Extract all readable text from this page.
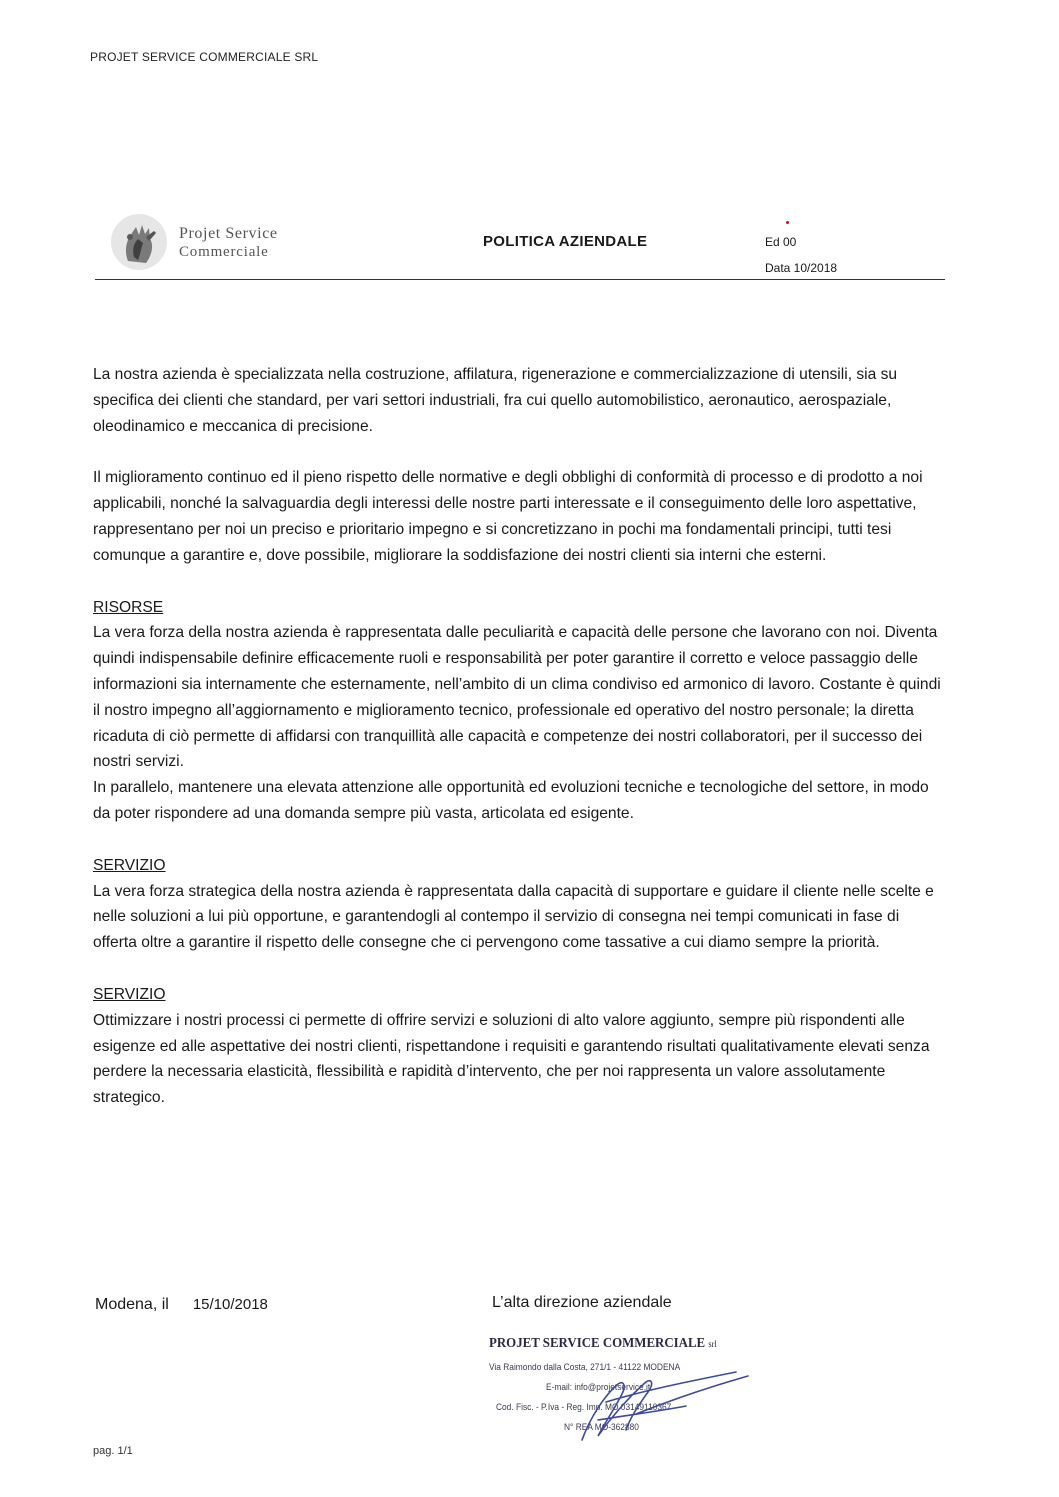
PROJET SERVICE COMMERCIALE SRL
Projet Service
Commerciale
POLITICA AZIENDALE	Ed 00
Data 10/2018

La nostra azienda è specializzata nella costruzione, affilatura, rigenerazione e commercializzazione di utensili, sia su specifica dei clienti che standard, per vari settori industriali, fra cui quello automobilistico, aeronautico, aerospaziale, oleodinamico e meccanica di precisione.

Il miglioramento continuo ed il pieno rispetto delle normative e degli obblighi di conformità di processo e di prodotto a noi applicabili, nonché la salvaguardia degli interessi delle nostre parti interessate e il conseguimento delle loro aspettative, rappresentano per noi un preciso e prioritario impegno e si concretizzano in pochi ma fondamentali principi, tutti tesi comunque a garantire e, dove possibile, migliorare la soddisfazione dei nostri clienti sia interni che esterni.

RISORSE

La vera forza della nostra azienda è rappresentata dalle peculiarità e capacità delle persone che lavorano con noi. Diventa quindi indispensabile definire efficacemente ruoli e responsabilità per poter garantire il corretto e veloce passaggio delle informazioni sia internamente che esternamente, nell’ambito di un clima condiviso ed armonico di lavoro. Costante è quindi il nostro impegno all’aggiornamento e miglioramento tecnico, professionale ed operativo del nostro personale; la diretta ricaduta di ciò permette di affidarsi con tranquillità alle capacità e competenze dei nostri collaboratori, per il successo dei nostri servizi.

In parallelo, mantenere una elevata attenzione alle opportunità ed evoluzioni tecniche e tecnologiche del settore, in modo da poter rispondere ad una domanda sempre più vasta, articolata ed esigente.

SERVIZIO

La vera forza strategica della nostra azienda è rappresentata dalla capacità di supportare e guidare il cliente nelle scelte e nelle soluzioni a lui più opportune, e garantendogli al contempo il servizio di consegna nei tempi comunicati in fase di offerta oltre a garantire il rispetto delle consegne che ci pervengono come tassative a cui diamo sempre la priorità.

SERVIZIO

Ottimizzare i nostri processi ci permette di offrire servizi e soluzioni di alto valore aggiunto, sempre più rispondenti alle esigenze ed alle aspettative dei nostri clienti, rispettandone i requisiti e garantendo risultati qualitativamente elevati senza perdere la necessaria elasticità, flessibilità e rapidità d’intervento, che per noi rappresenta un valore assolutamente strategico.

Modena, il 15/10/2018	L’alta direzione aziendale
PROJET SERVICE COMMERCIALE srl
Via Raimondo dalla Costa, 271/1 - 41122 MODENA
E-mail: info@projetservice.it
Cod. Fisc. - P.Iva - Reg. Imp. MO 03149110367
N° REA MO-362880
pag. 1/1
